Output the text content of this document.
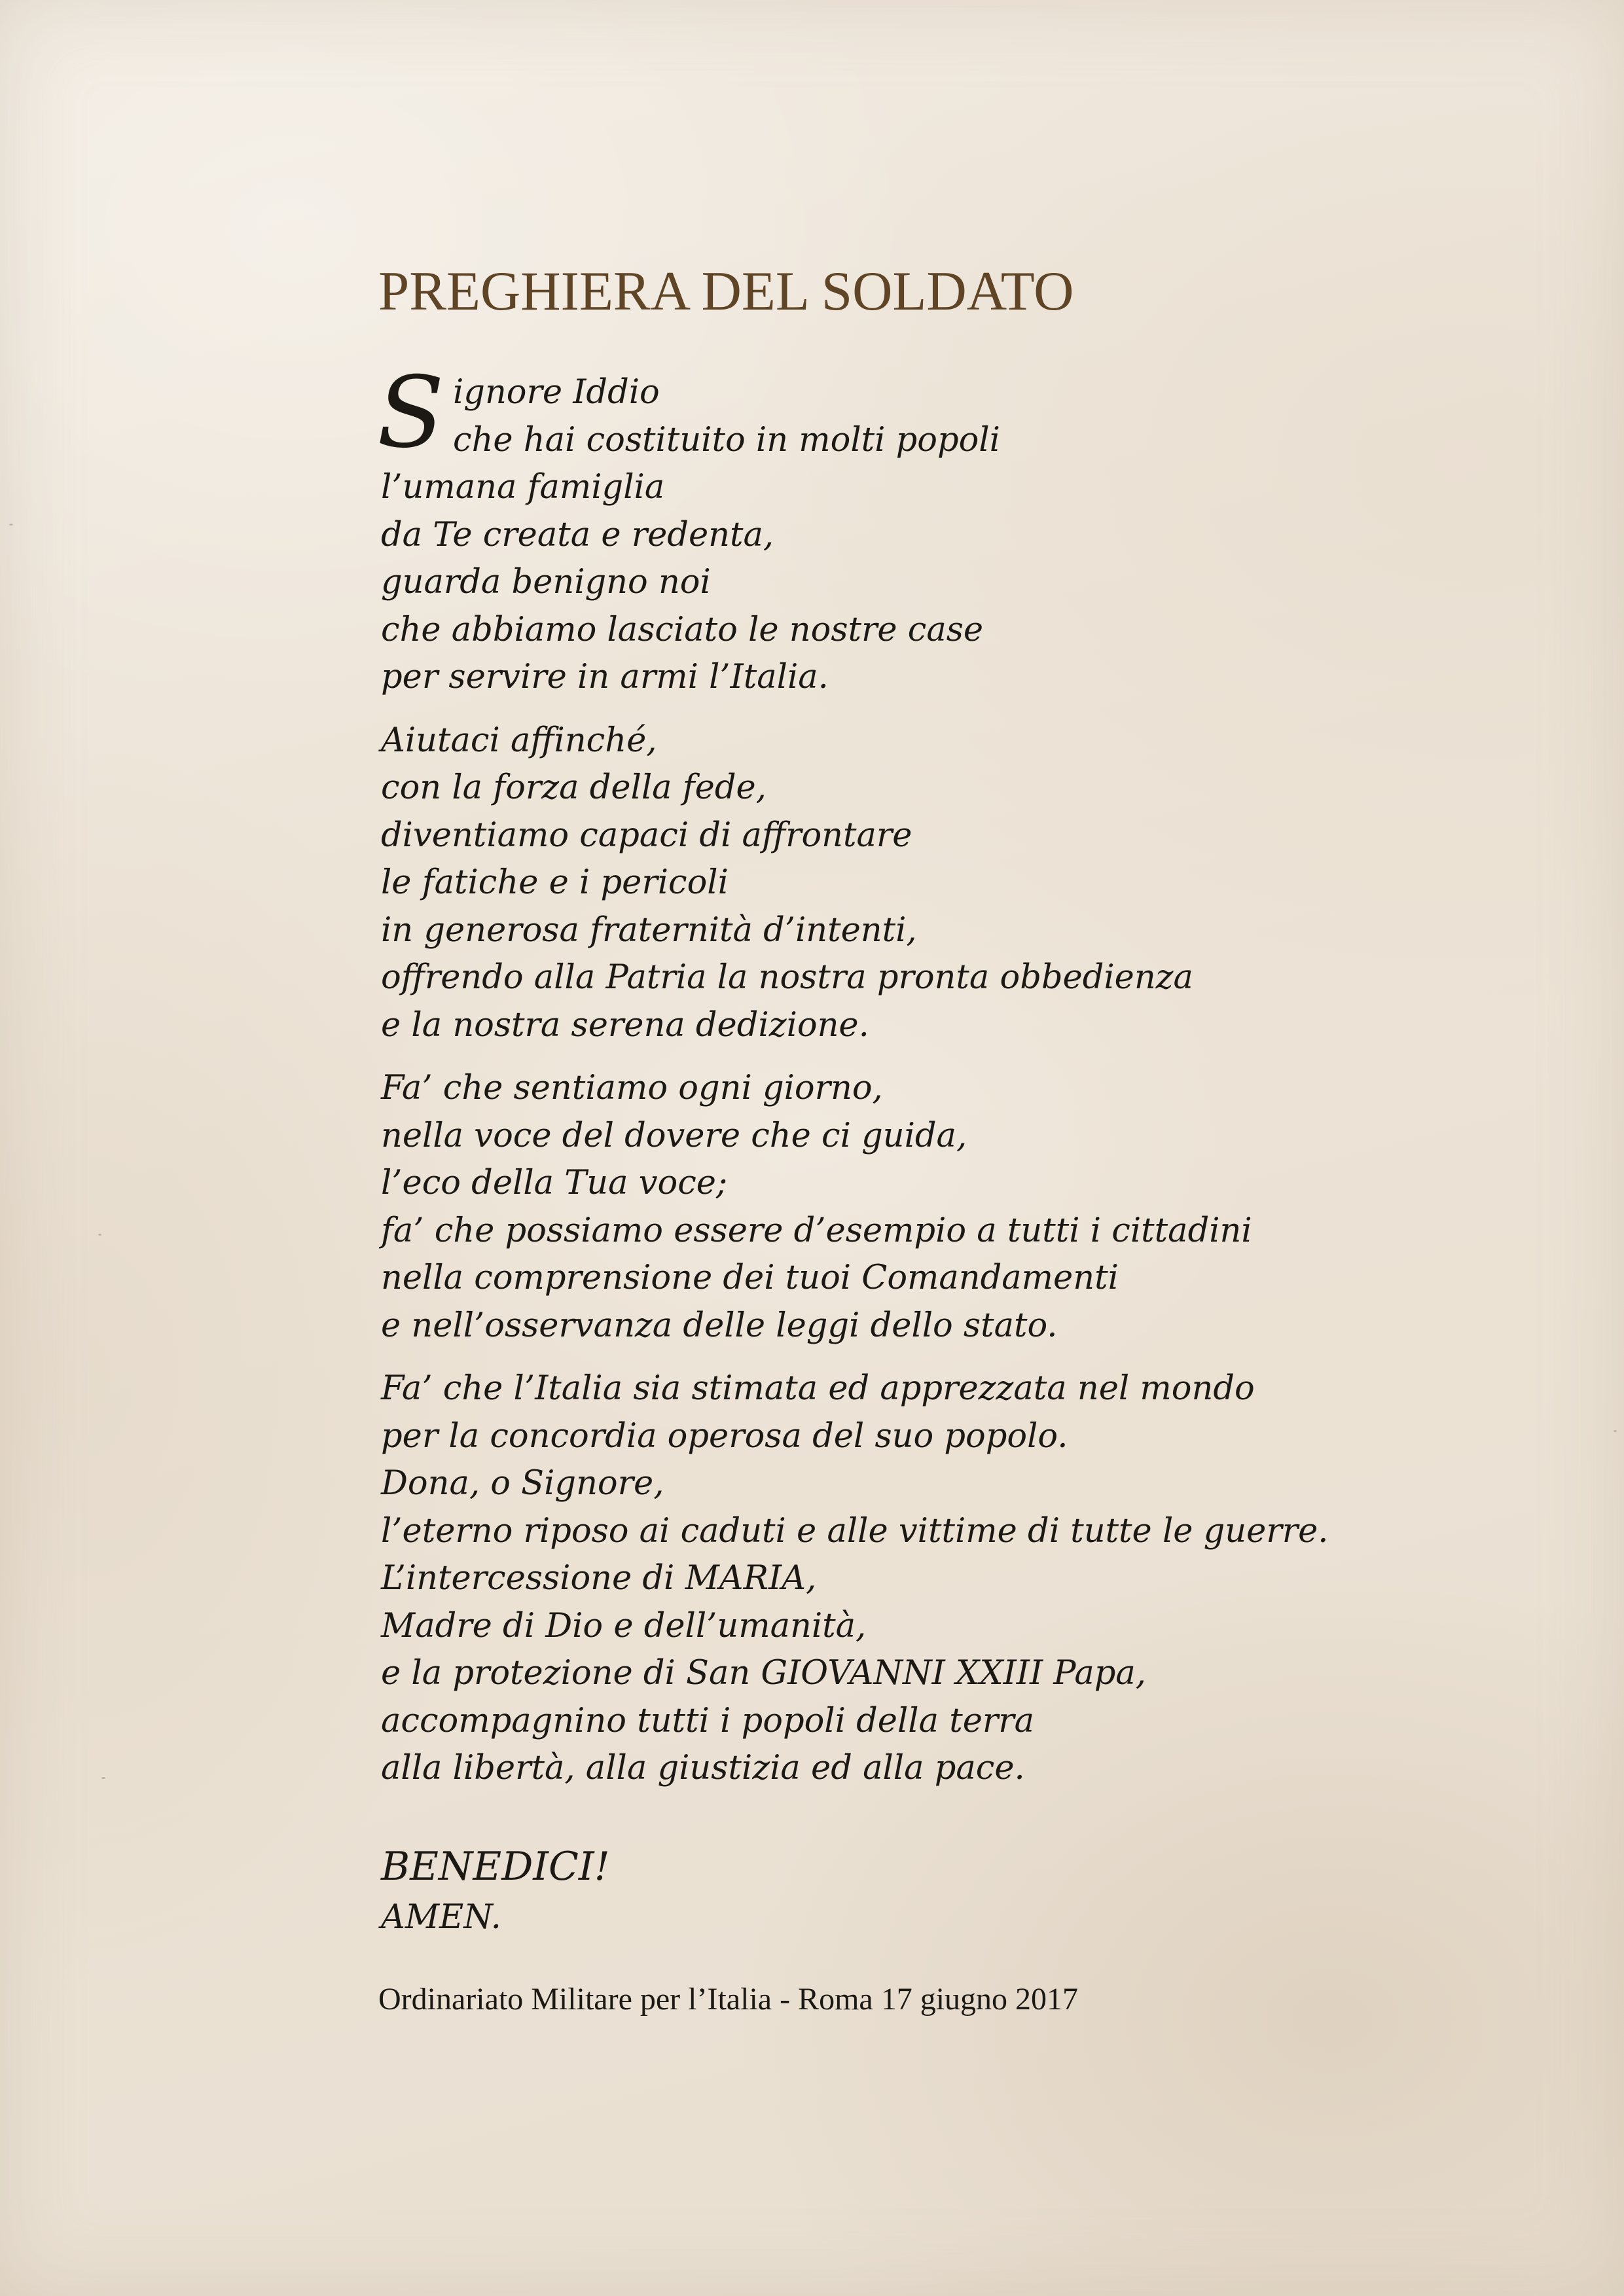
PREGHIERA DEL SOLDATO

S ignore Iddio
che hai costituito in molti popoli
l’umana famiglia
da Te creata e redenta,
guarda benigno noi
che abbiamo lasciato le nostre case
per servire in armi l’Italia.

Aiutaci affinché,
con la forza della fede,
diventiamo capaci di affrontare
le fatiche e i pericoli
in generosa fraternità d’intenti,
offrendo alla Patria la nostra pronta obbedienza
e la nostra serena dedizione.

Fa’ che sentiamo ogni giorno,
nella voce del dovere che ci guida,
l’eco della Tua voce;
fa’ che possiamo essere d’esempio a tutti i cittadini
nella comprensione dei tuoi Comandamenti
e nell’osservanza delle leggi dello stato.

Fa’ che l’Italia sia stimata ed apprezzata nel mondo
per la concordia operosa del suo popolo.
Dona, o Signore,
l’eterno riposo ai caduti e alle vittime di tutte le guerre.
L’intercessione di MARIA,
Madre di Dio e dell’umanità,
e la protezione di San GIOVANNI XXIII Papa,
accompagnino tutti i popoli della terra
alla libertà, alla giustizia ed alla pace.

BENEDICI!
AMEN.
Ordinariato Militare per l’Italia - Roma 17 giugno 2017
